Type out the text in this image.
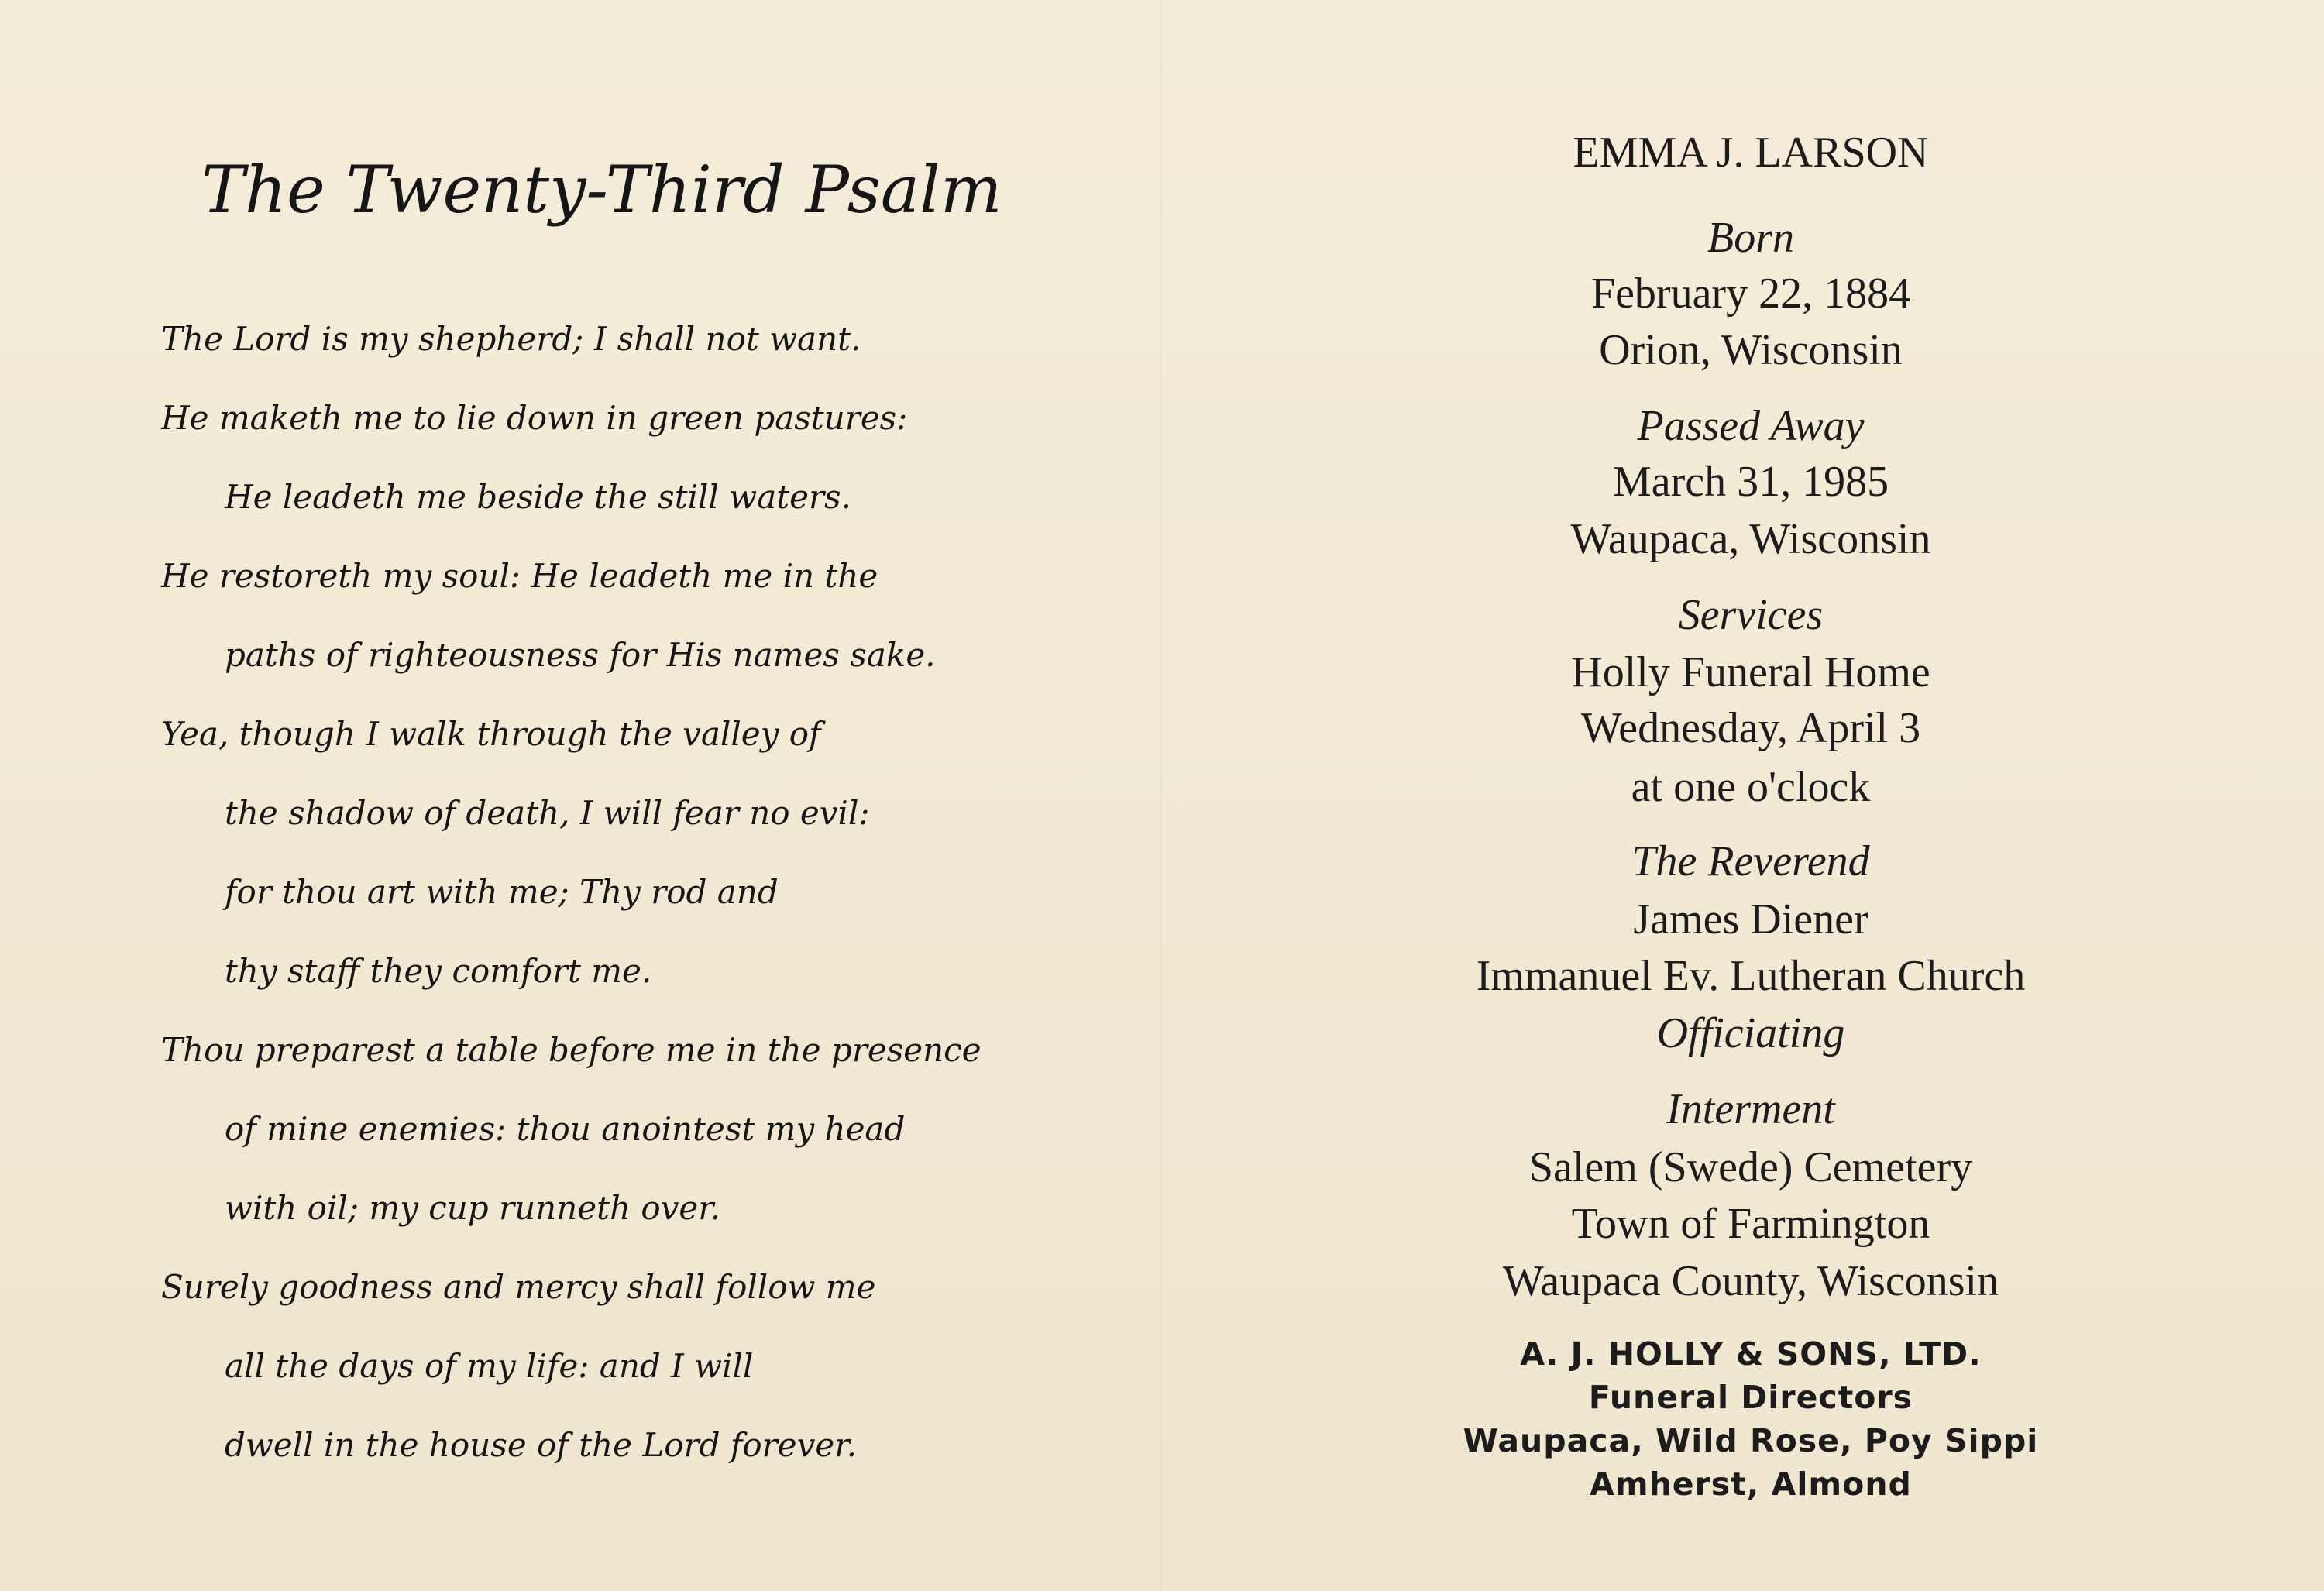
The Twenty-Third Psalm

The Lord is my shepherd; I shall not want.

He maketh me to lie down in green pastures:

He leadeth me beside the still waters.

He restoreth my soul: He leadeth me in the

paths of righteousness for His names sake.

Yea, though I walk through the valley of

the shadow of death, I will fear no evil:

for thou art with me; Thy rod and

thy staff they comfort me.

Thou preparest a table before me in the presence

of mine enemies: thou anointest my head

with oil; my cup runneth over.

Surely goodness and mercy shall follow me

all the days of my life: and I will

dwell in the house of the Lord forever.

EMMA J. LARSON

Born

February 22, 1884

Orion, Wisconsin

Passed Away

March 31, 1985

Waupaca, Wisconsin

Services

Holly Funeral Home

Wednesday, April 3

at one o'clock

The Reverend

James Diener

Immanuel Ev. Lutheran Church

Officiating

Interment

Salem (Swede) Cemetery

Town of Farmington

Waupaca County, Wisconsin

A. J. HOLLY & SONS, LTD.

Funeral Directors

Waupaca, Wild Rose, Poy Sippi

Amherst, Almond
